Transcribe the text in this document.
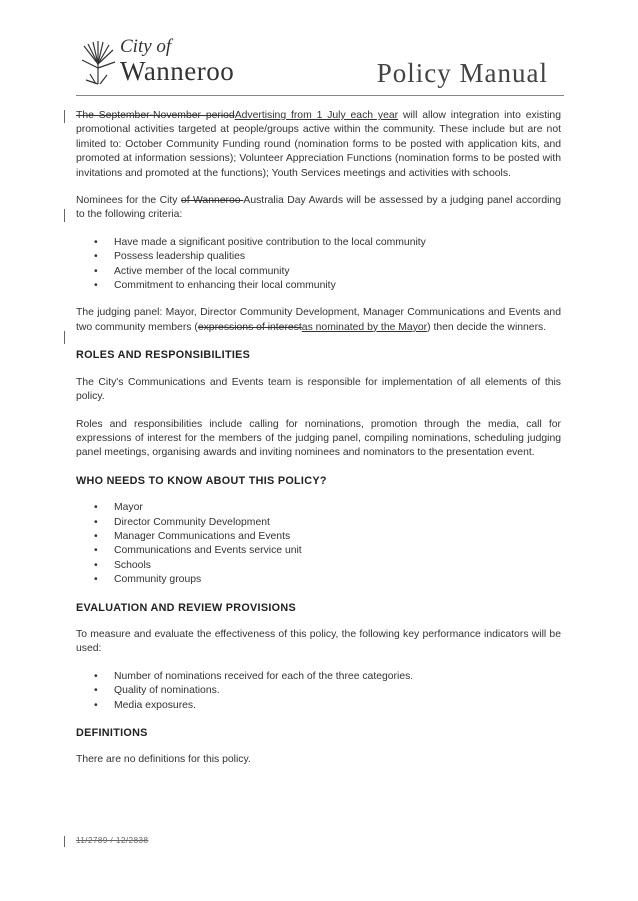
City of
Wanneroo	Policy Manual

The September-November periodAdvertising from 1 July each year will allow integration into existing promotional activities targeted at people/groups active within the community. These include but are not limited to: October Community Funding round (nomination forms to be posted with application kits, and promoted at information sessions); Volunteer Appreciation Functions (nomination forms to be posted with invitations and promoted at the functions); Youth Services meetings and activities with schools.

Nominees for the City of Wanneroo Australia Day Awards will be assessed by a judging panel according to the following criteria:

• Have made a significant positive contribution to the local community
• Possess leadership qualities
• Active member of the local community
• Commitment to enhancing their local community

The judging panel: Mayor, Director Community Development, Manager Communications and Events and two community members (expressions of interestas nominated by the Mayor) then decide the winners.

ROLES AND RESPONSIBILITIES

The City's Communications and Events team is responsible for implementation of all elements of this policy.

Roles and responsibilities include calling for nominations, promotion through the media, call for expressions of interest for the members of the judging panel, compiling nominations, scheduling judging panel meetings, organising awards and inviting nominees and nominators to the presentation event.

WHO NEEDS TO KNOW ABOUT THIS POLICY?
• Mayor
• Director Community Development
• Manager Communications and Events
• Communications and Events service unit
• Schools
• Community groups
EVALUATION AND REVIEW PROVISIONS

To measure and evaluate the effectiveness of this policy, the following key performance indicators will be used:

• Number of nominations received for each of the three categories.
• Quality of nominations.
• Media exposures.
DEFINITIONS

There are no definitions for this policy.

11/2789 / 12/2838
